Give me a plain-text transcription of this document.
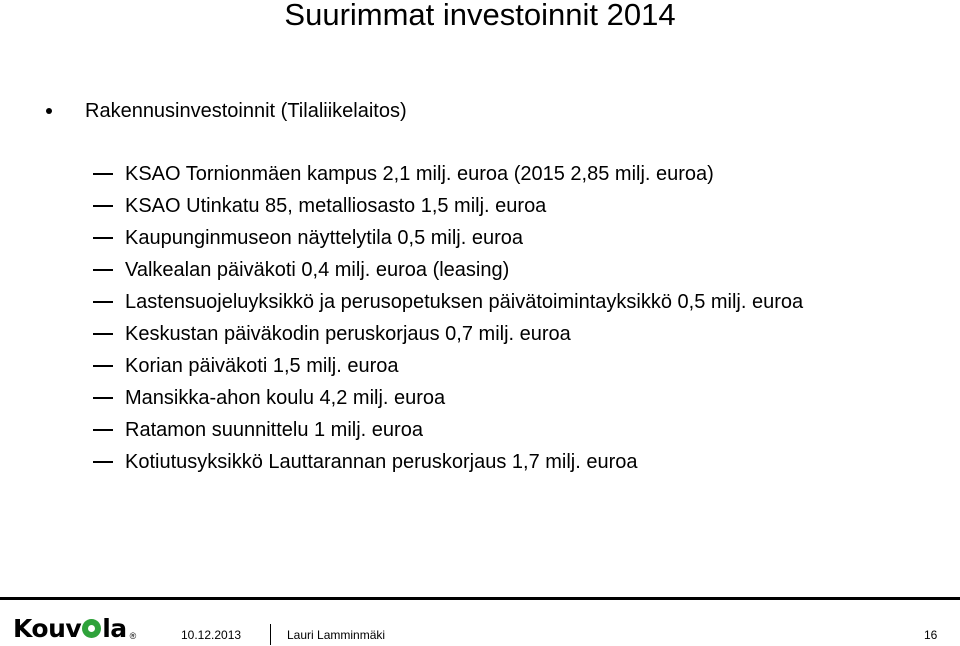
Suurimmat investoinnit 2014
Rakennusinvestoinnit (Tilaliikelaitos)
KSAO Tornionmäen kampus 2,1 milj. euroa (2015 2,85 milj. euroa)
KSAO Utinkatu 85, metalliosasto 1,5 milj. euroa
Kaupunginmuseon näyttelytila 0,5 milj. euroa
Valkealan päiväkoti 0,4 milj. euroa (leasing)
Lastensuojeluyksikkö ja perusopetuksen päivätoimintayksikkö 0,5 milj. euroa
Keskustan päiväkodin peruskorjaus 0,7 milj. euroa
Korian päiväkoti 1,5 milj. euroa
Mansikka-ahon koulu 4,2 milj. euroa
Ratamon suunnittelu 1 milj. euroa
Kotiutusyksikkö Lauttarannan peruskorjaus 1,7 milj. euroa
Kouv la ®	10.12.2013	Lauri Lamminmäki	16
